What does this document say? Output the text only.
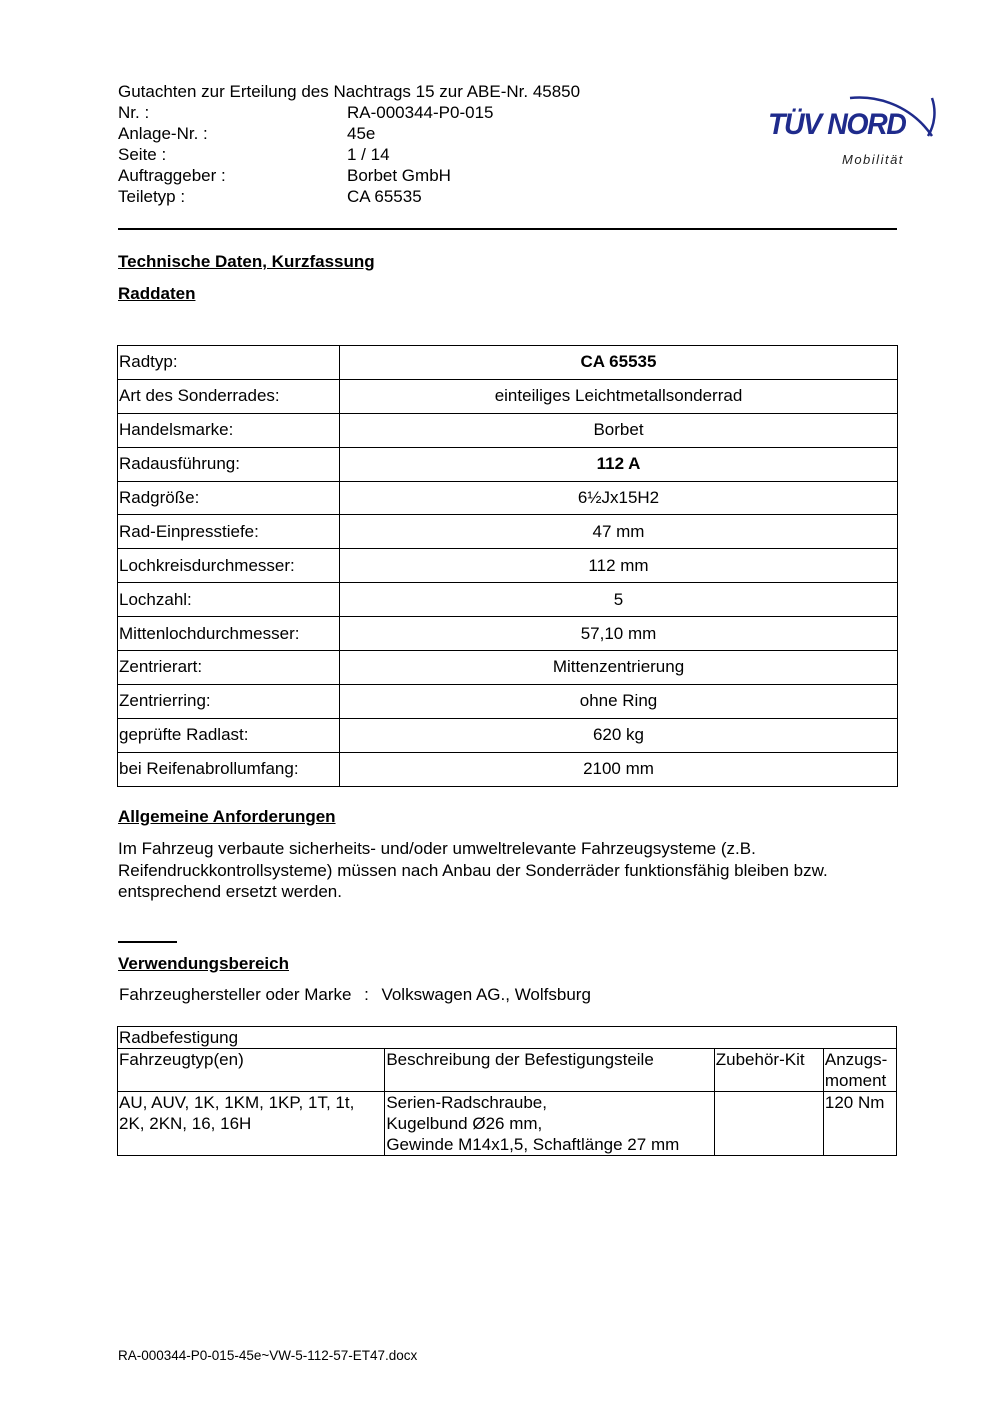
Gutachten zur Erteilung des Nachtrags 15 zur ABE-Nr. 45850
Nr. :	RA-000344-P0-015
Anlage-Nr. :	45e
Seite :	1 / 14
Auftraggeber :	Borbet GmbH
Teiletyp :	CA 65535
TÜV NORD
Mobilität
Technische Daten, Kurzfassung
Raddaten
Radtyp:	CA 65535
Art des Sonderrades:	einteiliges Leichtmetallsonderrad
Handelsmarke:	Borbet
Radausführung:	112 A
Radgröße:	6½Jx15H2
Rad-Einpresstiefe:	47 mm
Lochkreisdurchmesser:	112 mm
Lochzahl:	5
Mittenlochdurchmesser:	57,10 mm
Zentrierart:	Mittenzentrierung
Zentrierring:	ohne Ring
geprüfte Radlast:	620 kg
bei Reifenabrollumfang:	2100 mm
Allgemeine Anforderungen
Im Fahrzeug verbaute sicherheits- und/oder umweltrelevante Fahrzeugsysteme (z.B. Reifendruckkontrollsysteme) müssen nach Anbau der Sonderräder funktionsfähig bleiben bzw. entsprechend ersetzt werden.
Verwendungsbereich
Fahrzeughersteller oder Marke : Volkswagen AG., Wolfsburg
Radbefestigung			
Fahrzeugtyp(en)	Beschreibung der Befestigungsteile	Zubehör-Kit	Anzugs-
moment
AU, AUV, 1K, 1KM, 1KP, 1T, 1t,
2K, 2KN, 16, 16H	Serien-Radschraube,
Kugelbund Ø26 mm,
Gewinde M14x1,5, Schaftlänge 27 mm		120 Nm
RA-000344-P0-015-45e~VW-5-112-57-ET47.docx
